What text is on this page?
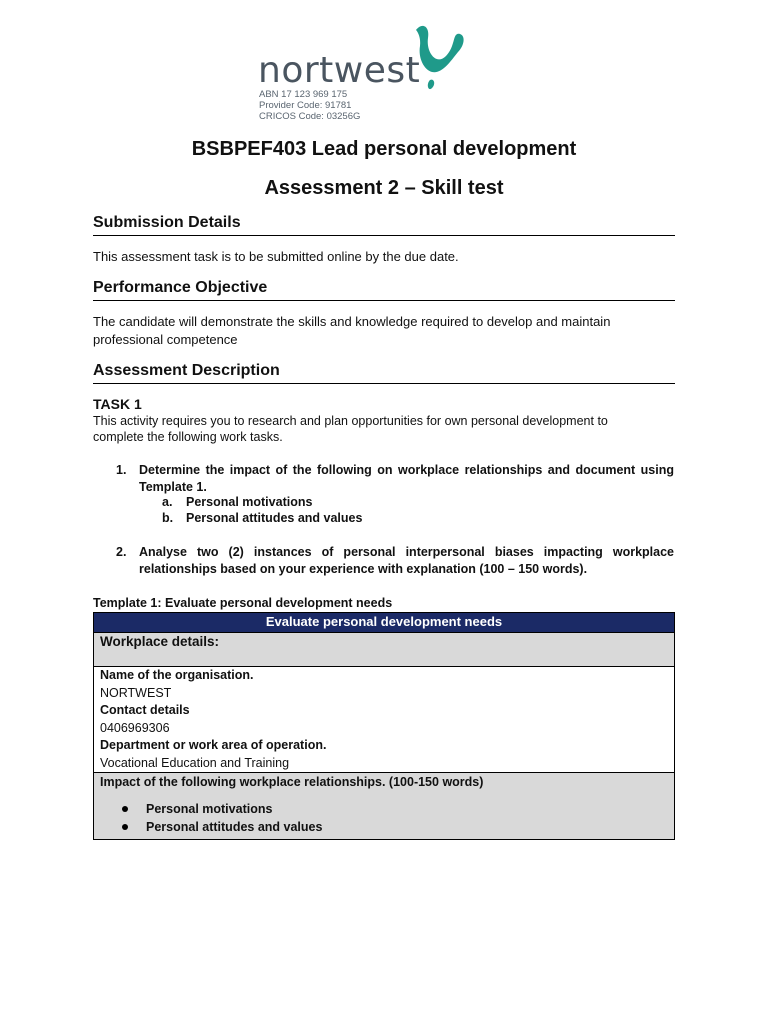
nortwest
ABN 17 123 969 175
Provider Code: 91781
CRICOS Code: 03256G
BSBPEF403 Lead personal development
Assessment 2 – Skill test
Submission Details
This assessment task is to be submitted online by the due date.
Performance Objective
The candidate will demonstrate the skills and knowledge required to develop and maintain
professional competence
Assessment Description
TASK 1
This activity requires you to research and plan opportunities for own personal development to
complete the following work tasks.
1. Determine the impact of the following on workplace relationships and document using Template 1.
a. Personal motivations
b. Personal attitudes and values
2. Analyse two (2) instances of personal interpersonal biases impacting workplace relationships based on your experience with explanation (100 – 150 words).
Template 1: Evaluate personal development needs
Evaluate personal development needs
Workplace details:

Name of the organisation.
NORTWEST
Contact details
0406969306
Department or work area of operation.
Vocational Education and Training

Impact of the following workplace relationships. (100-150 words)
Personal motivations
Personal attitudes and values
